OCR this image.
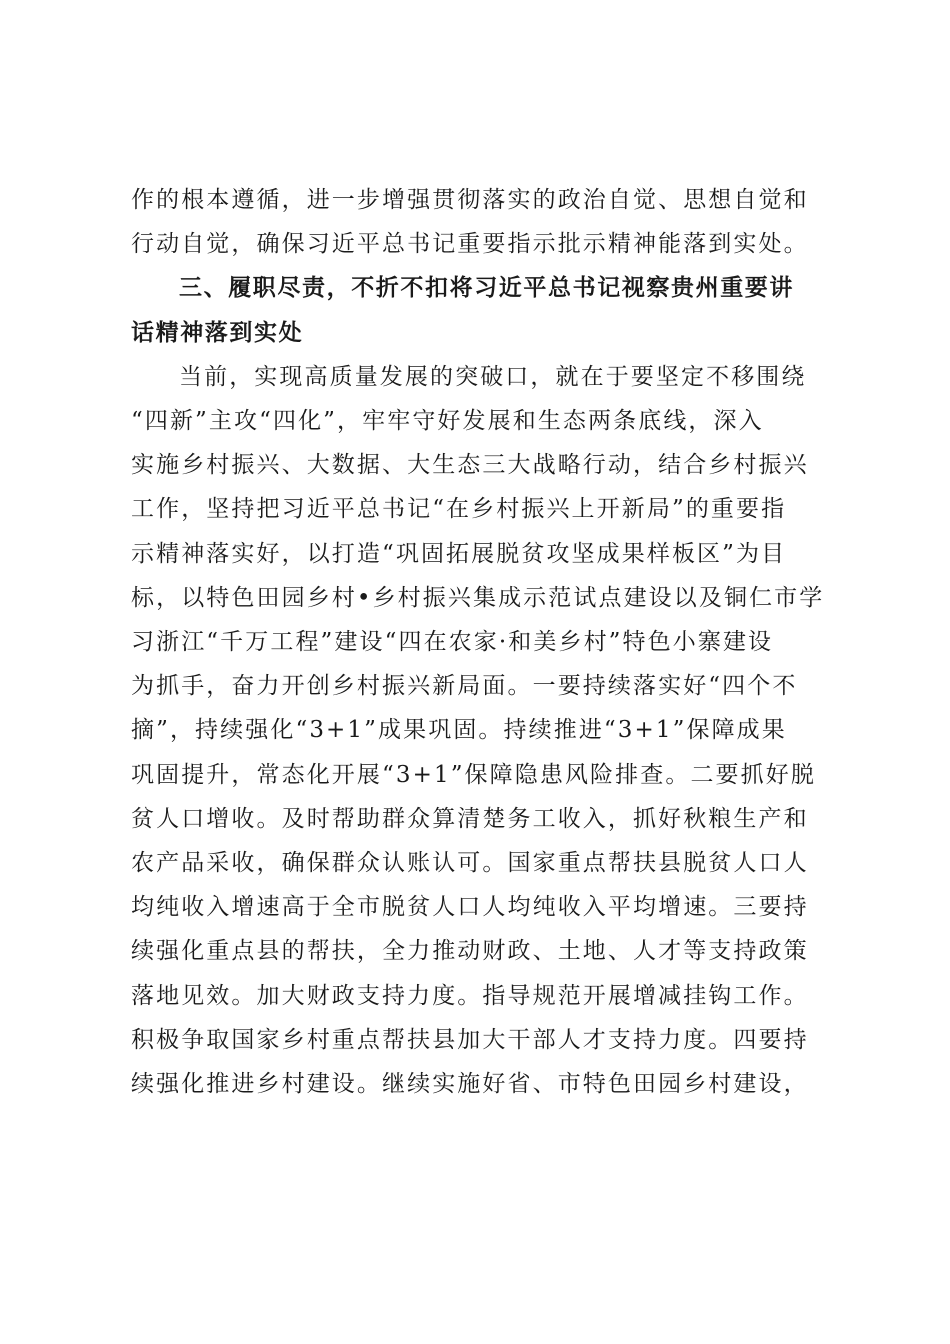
作的根本遵循，进一步增强贯彻落实的政治自觉、思想自觉和
行动自觉，确保习近平总书记重要指示批示精神能落到实处。

三、履职尽责，不折不扣将习近平总书记视察贵州重要讲
话精神落到实处

当前，实现高质量发展的突破口，就在于要坚定不移围绕
“四新”主攻“四化”，牢牢守好发展和生态两条底线，深入
实施乡村振兴、大数据、大生态三大战略行动，结合乡村振兴
工作，坚持把习近平总书记“在乡村振兴上开新局”的重要指
示精神落实好，以打造“巩固拓展脱贫攻坚成果样板区”为目
标，以特色田园乡村•乡村振兴集成示范试点建设以及铜仁市学
习浙江“千万工程”建设“四在农家·和美乡村”特色小寨建设
为抓手，奋力开创乡村振兴新局面。一要持续落实好“四个不
摘”，持续强化“3+1”成果巩固。持续推进“3+1”保障成果
巩固提升，常态化开展“3+1”保障隐患风险排查。二要抓好脱
贫人口增收。及时帮助群众算清楚务工收入，抓好秋粮生产和
农产品采收，确保群众认账认可。国家重点帮扶县脱贫人口人
均纯收入增速高于全市脱贫人口人均纯收入平均增速。三要持
续强化重点县的帮扶，全力推动财政、土地、人才等支持政策
落地见效。加大财政支持力度。指导规范开展增减挂钩工作。
积极争取国家乡村重点帮扶县加大干部人才支持力度。四要持
续强化推进乡村建设。继续实施好省、市特色田园乡村建设，
